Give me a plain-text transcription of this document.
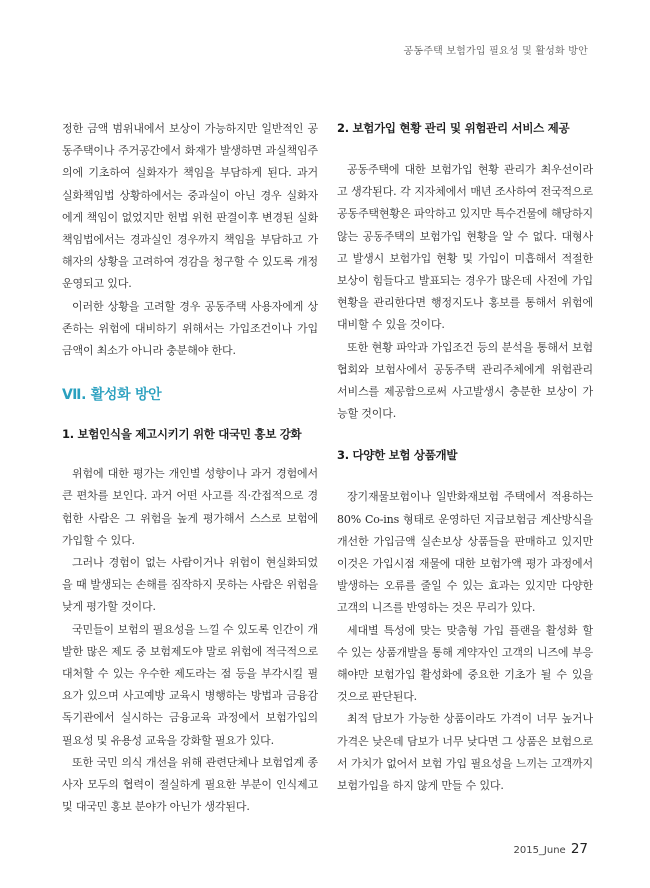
공동주택 보험가입 필요성 및 활성화 방안

정한 금액 범위내에서 보상이 가능하지만 일반적인 공동주택이나 주거공간에서 화재가 발생하면 과실책임주의에 기초하여 실화자가 책임을 부담하게 된다. 과거 실화책임법 상황하에서는 중과실이 아닌 경우 실화자에게 책임이 없었지만 헌법 위헌 판결이후 변경된 실화책임법에서는 경과실인 경우까지 책임을 부담하고 가해자의 상황을 고려하여 경감을 청구할 수 있도록 개정 운영되고 있다.

이러한 상황을 고려할 경우 공동주택 사용자에게 상존하는 위험에 대비하기 위해서는 가입조건이나 가입금액이 최소가 아니라 충분해야 한다.

Ⅶ. 활성화 방안
1. 보험인식을 제고시키기 위한 대국민 홍보 강화

위험에 대한 평가는 개인별 성향이나 과거 경험에서 큰 편차를 보인다. 과거 어떤 사고를 직·간접적으로 경험한 사람은 그 위험을 높게 평가해서 스스로 보험에 가입할 수 있다.

그러나 경험이 없는 사람이거나 위험이 현실화되었을 때 발생되는 손해를 짐작하지 못하는 사람은 위험을 낮게 평가할 것이다.

국민들이 보험의 필요성을 느낄 수 있도록 인간이 개발한 많은 제도 중 보험제도야 말로 위험에 적극적으로 대처할 수 있는 우수한 제도라는 점 등을 부각시킬 필요가 있으며 사고예방 교육시 병행하는 방법과 금융감독기관에서 실시하는 금융교육 과정에서 보험가입의 필요성 및 유용성 교육을 강화할 필요가 있다.

또한 국민 의식 개선을 위해 관련단체나 보험업계 종사자 모두의 협력이 절실하게 필요한 부분이 인식제고 및 대국민 홍보 분야가 아닌가 생각된다.

2. 보험가입 현황 관리 및 위험관리 서비스 제공

공동주택에 대한 보험가입 현황 관리가 최우선이라고 생각된다. 각 지자체에서 매년 조사하여 전국적으로 공동주택현황은 파악하고 있지만 특수건물에 해당하지 않는 공동주택의 보험가입 현황을 알 수 없다. 대형사고 발생시 보험가입 현황 및 가입이 미흡해서 적절한 보상이 힘들다고 발표되는 경우가 많은데 사전에 가입현황을 관리한다면 행정지도나 홍보를 통해서 위험에 대비할 수 있을 것이다.

또한 현황 파악과 가입조건 등의 분석을 통해서 보험협회와 보험사에서 공동주택 관리주체에게 위험관리 서비스를 제공함으로써 사고발생시 충분한 보상이 가능할 것이다.

3. 다양한 보험 상품개발

장기재물보험이나 일반화재보험 주택에서 적용하는 80% Co-ins 형태로 운영하던 지급보험금 계산방식을 개선한 가입금액 실손보상 상품들을 판매하고 있지만 이것은 가입시점 재물에 대한 보험가액 평가 과정에서 발생하는 오류를 줄일 수 있는 효과는 있지만 다양한 고객의 니즈를 반영하는 것은 무리가 있다.

세대별 특성에 맞는 맞춤형 가입 플랜을 활성화 할 수 있는 상품개발을 통해 계약자인 고객의 니즈에 부응해야만 보험가입 활성화에 중요한 기초가 될 수 있을 것으로 판단된다.

최적 담보가 가능한 상품이라도 가격이 너무 높거나 가격은 낮은데 담보가 너무 낮다면 그 상품은 보험으로서 가치가 없어서 보험 가입 필요성을 느끼는 고객까지 보험가입을 하지 않게 만들 수 있다.

2015_June 27
